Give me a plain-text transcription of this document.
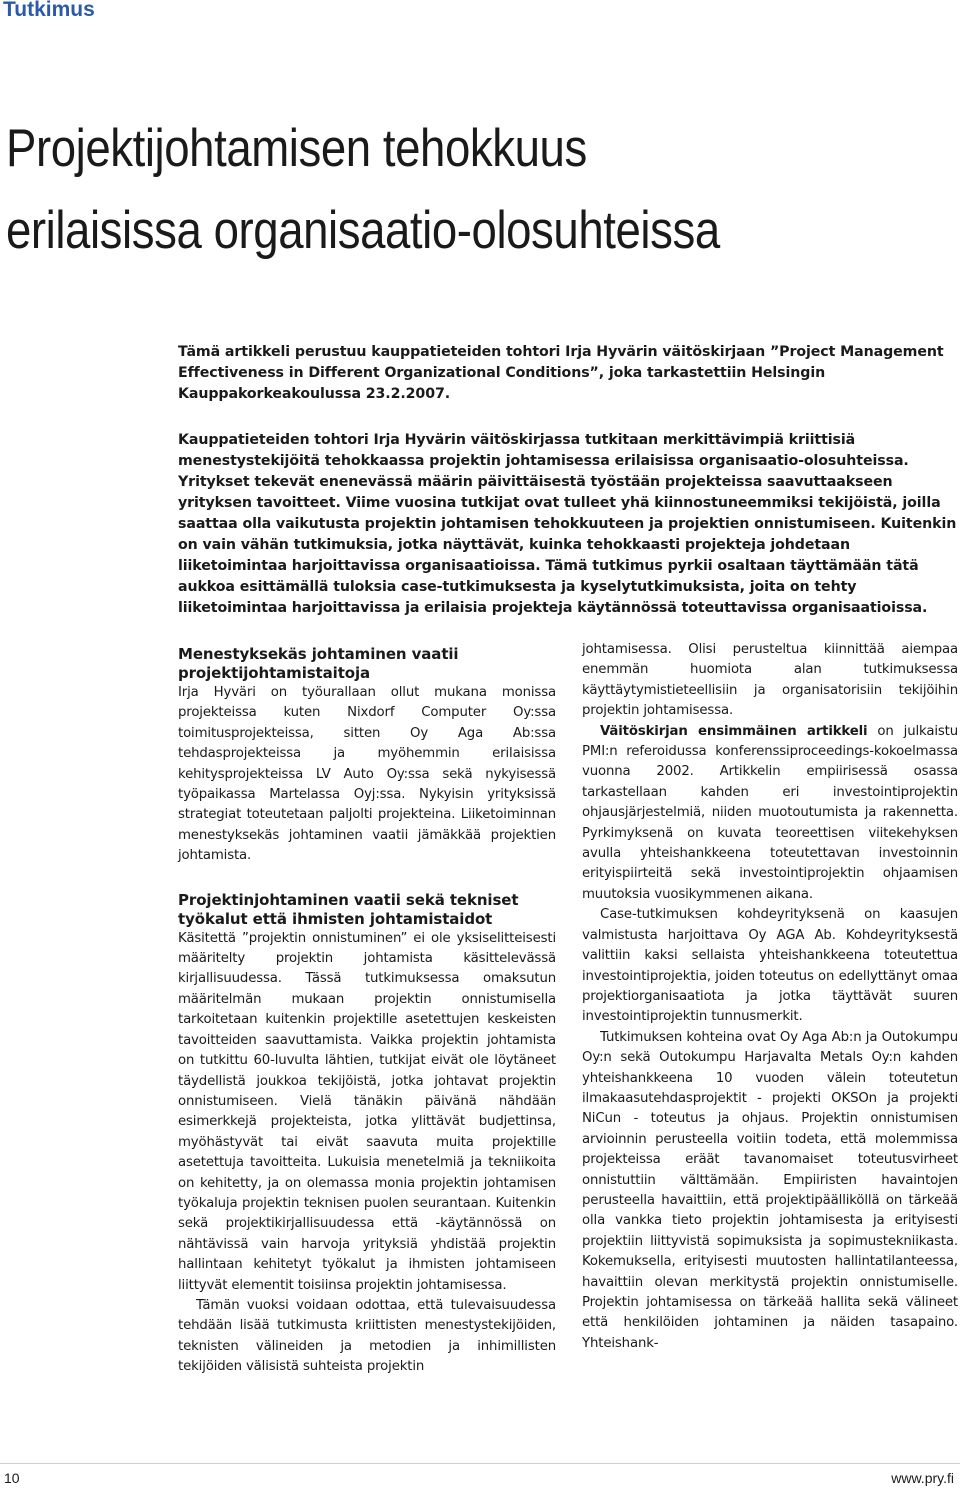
Tutkimus
Projektijohtamisen tehokkuus
erilaisissa organisaatio-olosuhteissa

Tämä artikkeli perustuu kauppatieteiden tohtori Irja Hyvärin väitöskirjaan ”Project Management Effectiveness in Different Organizational Conditions”, joka tarkastettiin Helsingin Kauppakorkeakoulussa 23.2.2007.

Kauppatieteiden tohtori Irja Hyvärin väitöskirjassa tutkitaan merkittävimpiä kriittisiä menestystekijöitä tehokkaassa projektin johtamisessa erilaisissa organisaatio-olosuhteissa. Yritykset tekevät enenevässä määrin päivittäisestä työstään projekteissa saavuttaakseen yrityksen tavoitteet. Viime vuosina tutkijat ovat tulleet yhä kiinnostuneemmiksi tekijöistä, joilla saattaa olla vaikutusta projektin johtamisen tehokkuuteen ja projektien onnistumiseen. Kuitenkin on vain vähän tutkimuksia, jotka näyttävät, kuinka tehokkaasti projekteja johdetaan liiketoimintaa harjoittavissa organisaatioissa. Tämä tutkimus pyrkii osaltaan täyttämään tätä aukkoa esittämällä tuloksia case-tutkimuksesta ja kyselytutkimuksista, joita on tehty liiketoimintaa harjoittavissa ja erilaisia projekteja käytännössä toteuttavissa organisaatioissa.

Menestyksekäs johtaminen vaatii projektijohtamistaitoja

Irja Hyväri on työurallaan ollut mukana monissa projekteissa kuten Nixdorf Computer Oy:ssa toimitusprojekteissa, sitten Oy Aga Ab:ssa tehdasprojekteissa ja myöhemmin erilaisissa kehitysprojekteissa LV Auto Oy:ssa sekä nykyisessä työpaikassa Martelassa Oyj:ssa. Nykyisin yrityksissä strategiat toteutetaan paljolti projekteina. Liiketoiminnan menestyksekäs johtaminen vaatii jämäkkää projektien johtamista.

Projektinjohtaminen vaatii sekä tekniset työkalut että ihmisten johtamistaidot

Käsitettä ”projektin onnistuminen” ei ole yksiselitteisesti määritelty projektin johtamista käsittelevässä kirjallisuudessa. Tässä tutkimuksessa omaksutun määritelmän mukaan projektin onnistumisella tarkoitetaan kuitenkin projektille asetettujen keskeisten tavoitteiden saavuttamista. Vaikka projektin johtamista on tutkittu 60-luvulta lähtien, tutkijat eivät ole löytäneet täydellistä joukkoa tekijöistä, jotka johtavat projektin onnistumiseen. Vielä tänäkin päivänä nähdään esimerkkejä projekteista, jotka ylittävät budjettinsa, myöhästyvät tai eivät saavuta muita projektille asetettuja tavoitteita. Lukuisia menetelmiä ja tekniikoita on kehitetty, ja on olemassa monia projektin johtamisen työkaluja projektin teknisen puolen seurantaan. Kuitenkin sekä projektikirjallisuudessa että -käytännössä on nähtävissä vain harvoja yrityksiä yhdistää projektin hallintaan kehitetyt työkalut ja ihmisten johtamiseen liittyvät elementit toisiinsa projektin johtamisessa.

Tämän vuoksi voidaan odottaa, että tulevaisuudessa tehdään lisää tutkimusta kriittisten menestystekijöiden, teknisten välineiden ja metodien ja inhimillisten tekijöiden välisistä suhteista projektin

johtamisessa. Olisi perusteltua kiinnittää aiempaa enemmän huomiota alan tutkimuksessa käyttäytymistieteellisiin ja organisatorisiin tekijöihin projektin johtamisessa.

Väitöskirjan ensimmäinen artikkeli on julkaistu PMI:n referoidussa konferenssiproceedings-kokoelmassa vuonna 2002. Artikkelin empiirisessä osassa tarkastellaan kahden eri investointiprojektin ohjausjärjestelmiä, niiden muotoutumista ja rakennetta. Pyrkimyksenä on kuvata teoreettisen viitekehyksen avulla yhteishankkeena toteutettavan investoinnin erityispiirteitä sekä investointiprojektin ohjaamisen muutoksia vuosikymmenen aikana.

Case-tutkimuksen kohdeyrityksenä on kaasujen valmistusta harjoittava Oy AGA Ab. Kohdeyrityksestä valittiin kaksi sellaista yhteishankkeena toteutettua investointiprojektia, joiden toteutus on edellyttänyt omaa projektiorganisaatiota ja jotka täyttävät suuren investointiprojektin tunnusmerkit.

Tutkimuksen kohteina ovat Oy Aga Ab:n ja Outokumpu Oy:n sekä Outokumpu Harjavalta Metals Oy:n kahden yhteishankkeena 10 vuoden välein toteutetun ilmakaasutehdasprojektit - projekti OKSOn ja projekti NiCun - toteutus ja ohjaus. Projektin onnistumisen arvioinnin perusteella voitiin todeta, että molemmissa projekteissa eräät tavanomaiset toteutusvirheet onnistuttiin välttämään. Empiiristen havaintojen perusteella havaittiin, että projektipäälliköllä on tärkeää olla vankka tieto projektin johtamisesta ja erityisesti projektiin liittyvistä sopimuksista ja sopimustekniikasta. Kokemuksella, erityisesti muutosten hallintatilanteessa, havaittiin olevan merkitystä projektin onnistumiselle. Projektin johtamisessa on tärkeää hallita sekä välineet että henkilöiden johtaminen ja näiden tasapaino. Yhteishank-

10	www.pry.fi
